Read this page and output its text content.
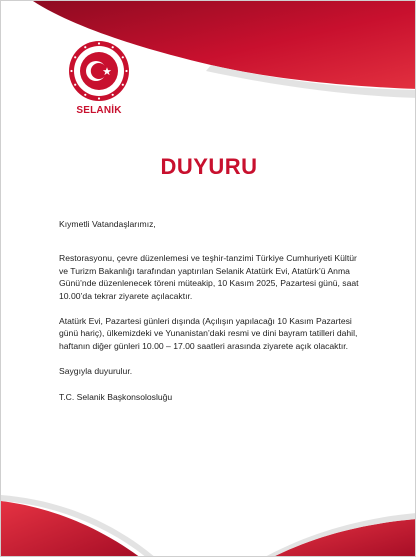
SELANİK
DUYURU

Kıymetli Vatandaşlarımız,

Restorasyonu, çevre düzenlemesi ve teşhir-tanzimi Türkiye Cumhuriyeti Kültür ve Turizm Bakanlığı tarafından yaptırılan Selanik Atatürk Evi, Atatürk’ü Anma Günü’nde düzenlenecek töreni müteakip, 10 Kasım 2025, Pazartesi günü, saat 10.00’da tekrar ziyarete açılacaktır.

Atatürk Evi, Pazartesi günleri dışında (Açılışın yapılacağı 10 Kasım Pazartesi günü hariç), ülkemizdeki ve Yunanistan’daki resmi ve dini bayram tatilleri dahil, haftanın diğer günleri 10.00 – 17.00 saatleri arasında ziyarete açık olacaktır.

Saygıyla duyurulur.

T.C. Selanik Başkonsolosluğu
